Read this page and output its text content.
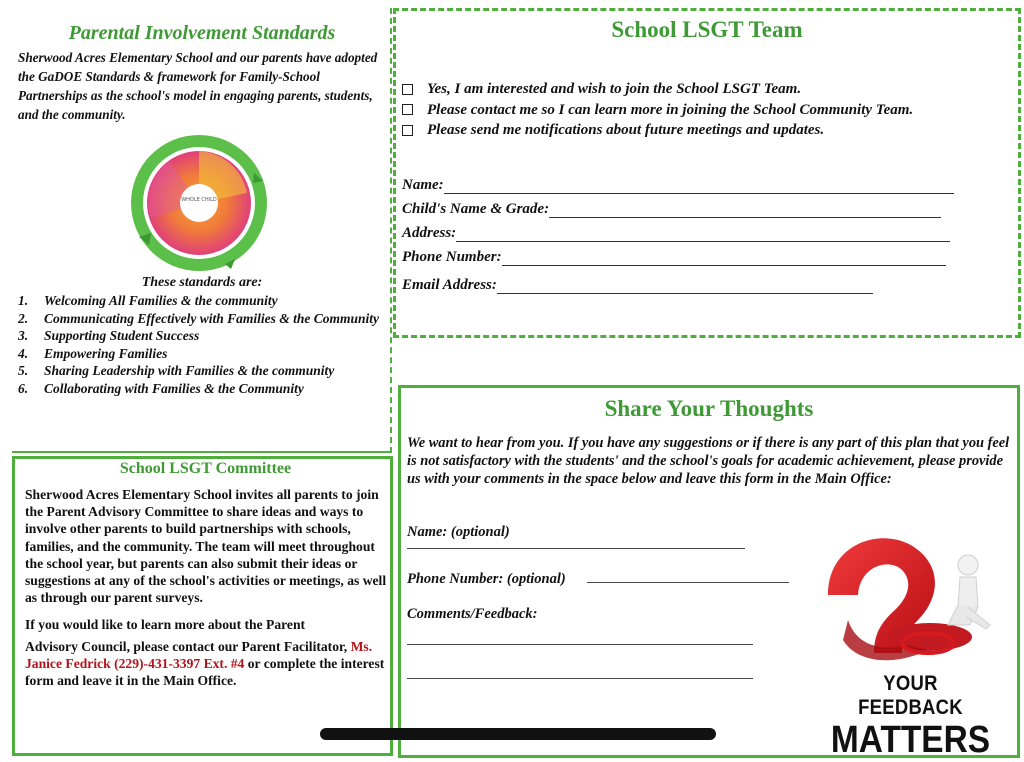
Parental Involvement Standards
Sherwood Acres Elementary School and our parents have adopted the GaDOE Standards & framework for Family-School Partnerships as the school's model in engaging parents, students, and the community.
WHOLE CHILD
These standards are:
1.	Welcoming All Families & the community
2.	Communicating Effectively with Families & the Community
3.	Supporting Student Success
4.	Empowering Families
5.	Sharing Leadership with Families & the community
6.	Collaborating with Families & the Community
School LSGT Committee

Sherwood Acres Elementary School invites all parents to join the Parent Advisory Committee to share ideas and ways to involve other parents to build partnerships with schools, families, and the community. The team will meet throughout the school year, but parents can also submit their ideas or suggestions at any of the school's activities or meetings, as well as through our parent surveys.

If you would like to learn more about the Parent

Advisory Council, please contact our Parent Facilitator, Ms. Janice Fedrick (229)-431-3397 Ext. #4 or complete the interest form and leave it in the Main Office.

School LSGT Team
Yes, I am interested and wish to join the School LSGT Team.
Please contact me so I can learn more in joining the School Community Team.
Please send me notifications about future meetings and updates.
Name:
Child's Name & Grade:
Address:
Phone Number:
Email Address:
Share Your Thoughts
We want to hear from you. If you have any suggestions or if there is any part of this plan that you feel is not satisfactory with the students' and the school's goals for academic achievement, please provide us with your comments in the space below and leave this form in the Main Office:
Name: (optional)
Phone Number: (optional)
Comments/Feedback:
YOUR FEEDBACK
MATTERS
